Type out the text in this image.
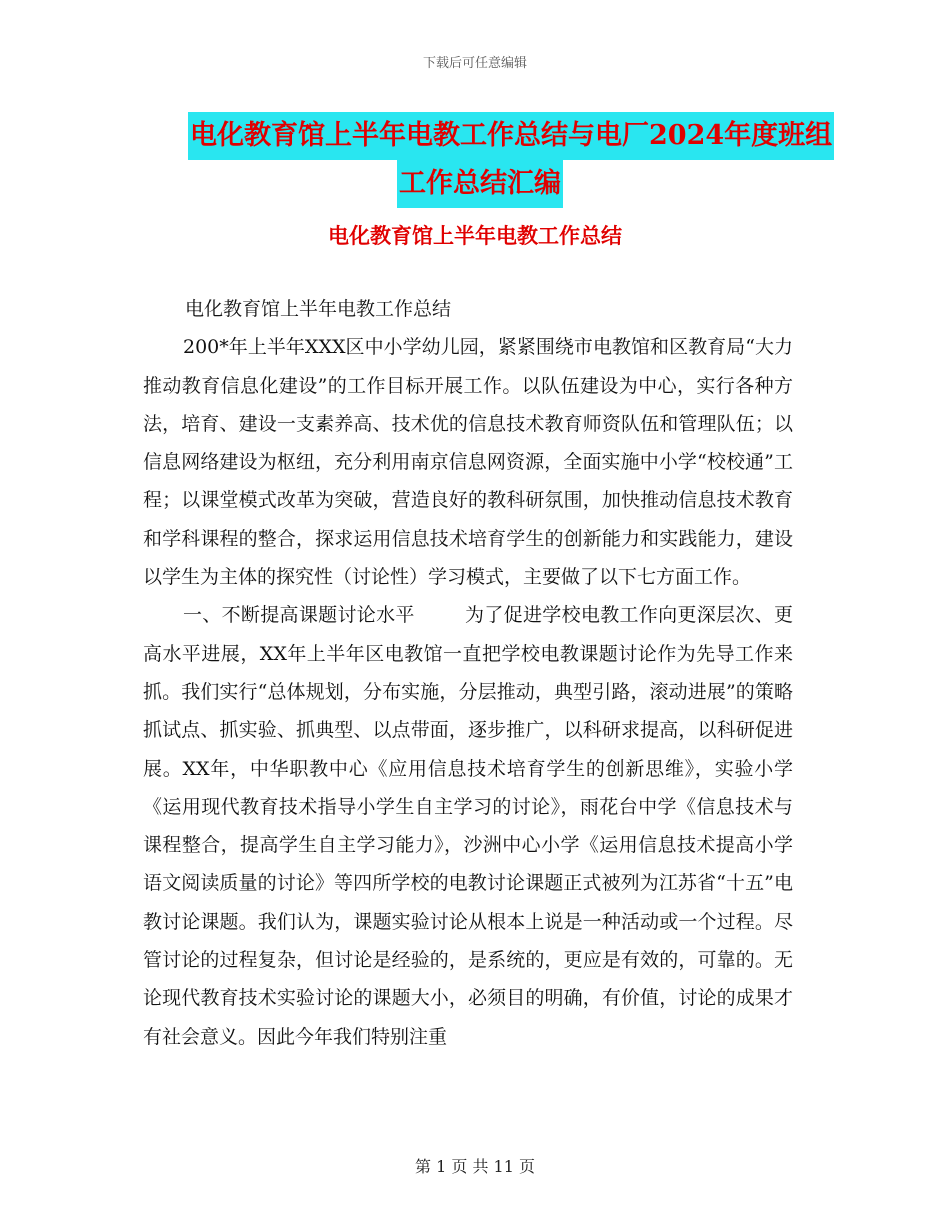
下载后可任意编辑
电化教育馆上半年电教工作总结与电厂2024年度班组
工作总结汇编
电化教育馆上半年电教工作总结

电化教育馆上半年电教工作总结

200*年上半年XXX区中小学幼儿园，紧紧围绕市电教馆和区教育局“大力推动教育信息化建设”的工作目标开展工作。以队伍建设为中心，实行各种方法，培育、建设一支素养高、技术优的信息技术教育师资队伍和管理队伍；以信息网络建设为枢纽，充分利用南京信息网资源，全面实施中小学“校校通”工程；以课堂模式改革为突破，营造良好的教科研氛围，加快推动信息技术教育和学科课程的整合，探求运用信息技术培育学生的创新能力和实践能力，建设以学生为主体的探究性（讨论性）学习模式，主要做了以下七方面工作。

一、不断提高课题讨论水平	为了促进学校电教工作向更深层次、更高水平进展，XX年上半年区电教馆一直把学校电教课题讨论作为先导工作来抓。我们实行“总体规划，分布实施，分层推动，典型引路，滚动进展”的策略抓试点、抓实验、抓典型、以点带面，逐步推广，以科研求提高，以科研促进展。XX年，中华职教中心《应用信息技术培育学生的创新思维》，实验小学《运用现代教育技术指导小学生自主学习的讨论》，雨花台中学《信息技术与课程整合，提高学生自主学习能力》，沙洲中心小学《运用信息技术提高小学语文阅读质量的讨论》等四所学校的电教讨论课题正式被列为江苏省“十五”电教讨论课题。我们认为，课题实验讨论从根本上说是一种活动或一个过程。尽管讨论的过程复杂，但讨论是经验的，是系统的，更应是有效的，可靠的。无论现代教育技术实验讨论的课题大小，必须目的明确，有价值，讨论的成果才有社会意义。因此今年我们特别注重

第 1 页 共 11 页
